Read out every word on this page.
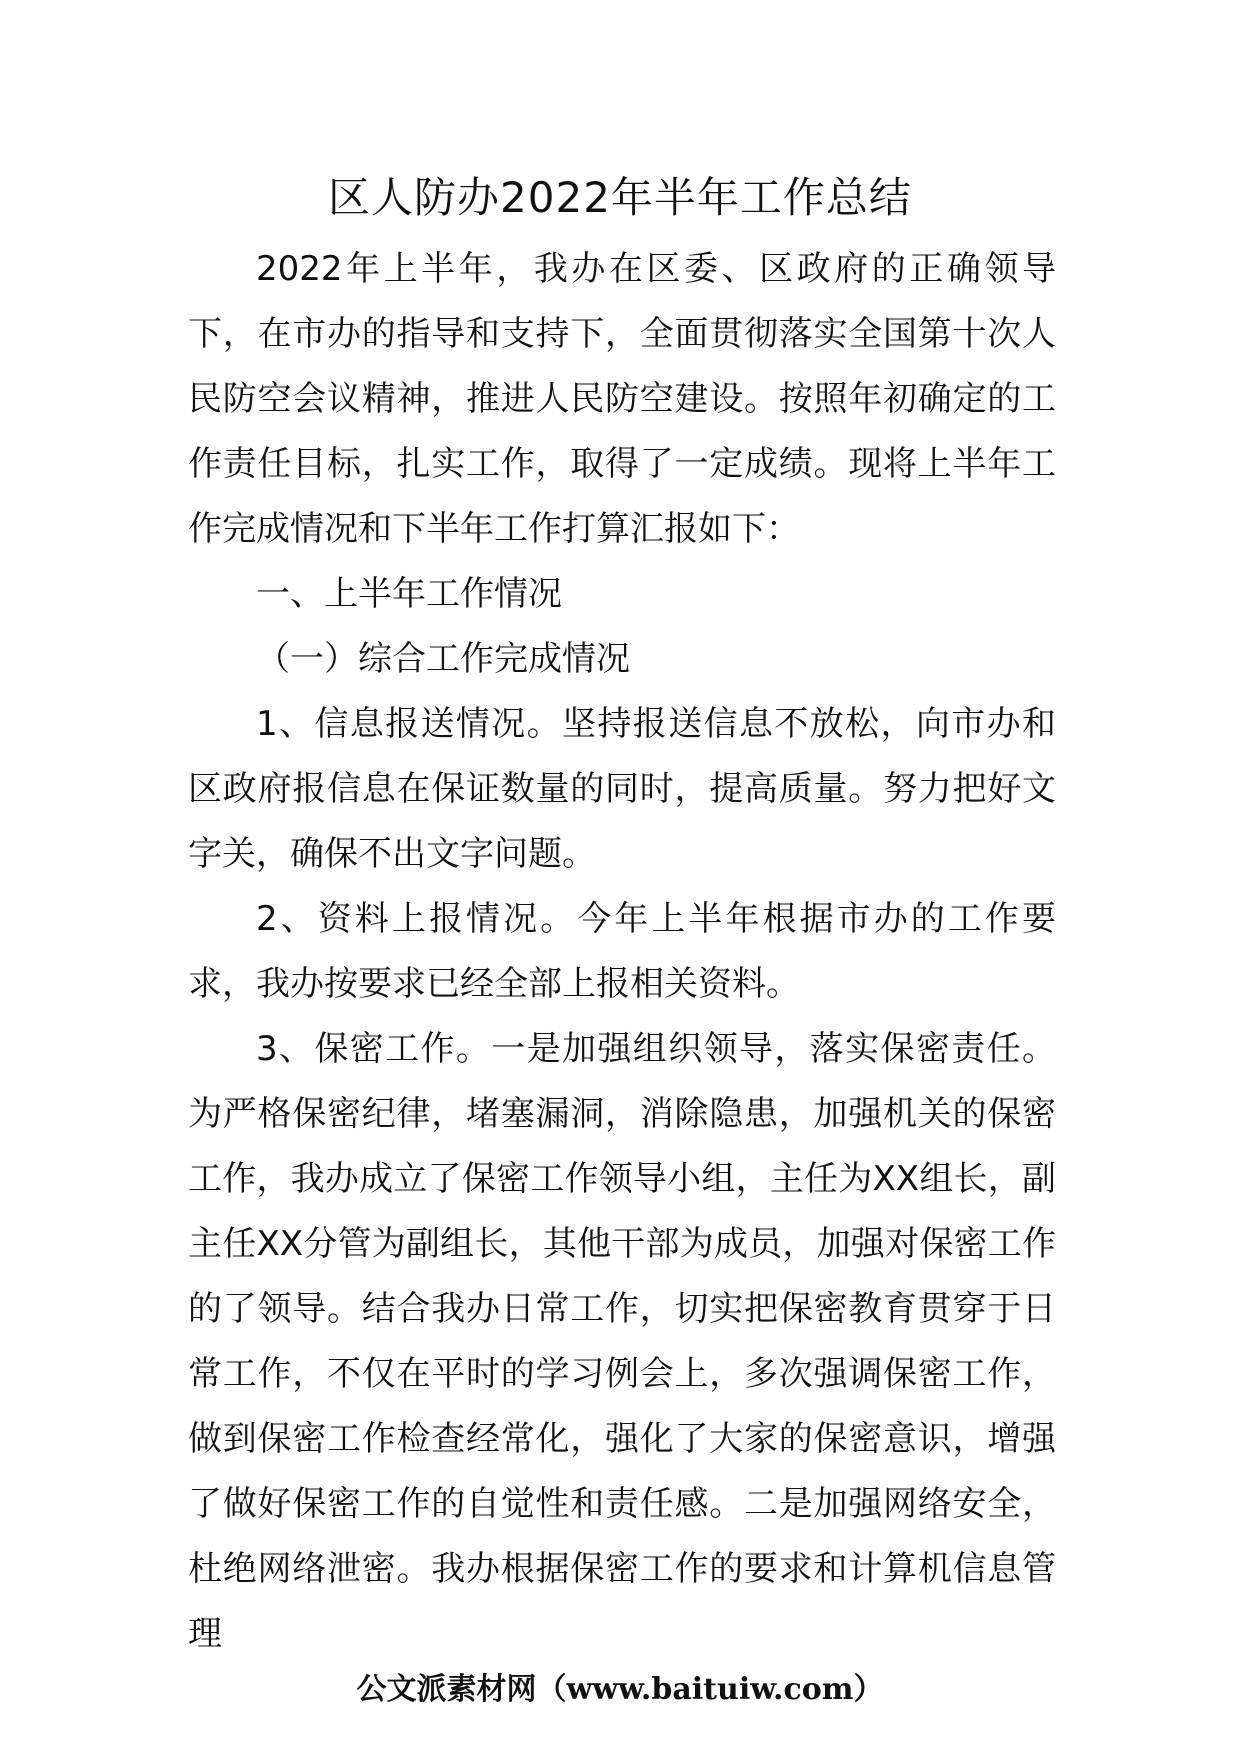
区人防办2022年半年工作总结

2022年上半年，我办在区委、区政府的正确领导下，在市办的指导和支持下，全面贯彻落实全国第十次人民防空会议精神，推进人民防空建设。按照年初确定的工作责任目标，扎实工作，取得了一定成绩。现将上半年工作完成情况和下半年工作打算汇报如下：

一、上半年工作情况

（一）综合工作完成情况

1、信息报送情况。坚持报送信息不放松，向市办和区政府报信息在保证数量的同时，提高质量。努力把好文字关，确保不出文字问题。

2、资料上报情况。今年上半年根据市办的工作要求，我办按要求已经全部上报相关资料。

3、保密工作。一是加强组织领导，落实保密责任。为严格保密纪律，堵塞漏洞，消除隐患，加强机关的保密工作，我办成立了保密工作领导小组，主任为XX组长，副主任XX分管为副组长，其他干部为成员，加强对保密工作的了领导。结合我办日常工作，切实把保密教育贯穿于日常工作，不仅在平时的学习例会上，多次强调保密工作，做到保密工作检查经常化，强化了大家的保密意识，增强了做好保密工作的自觉性和责任感。二是加强网络安全，杜绝网络泄密。我办根据保密工作的要求和计算机信息管理

公文派素材网（www.baituiw.com）
